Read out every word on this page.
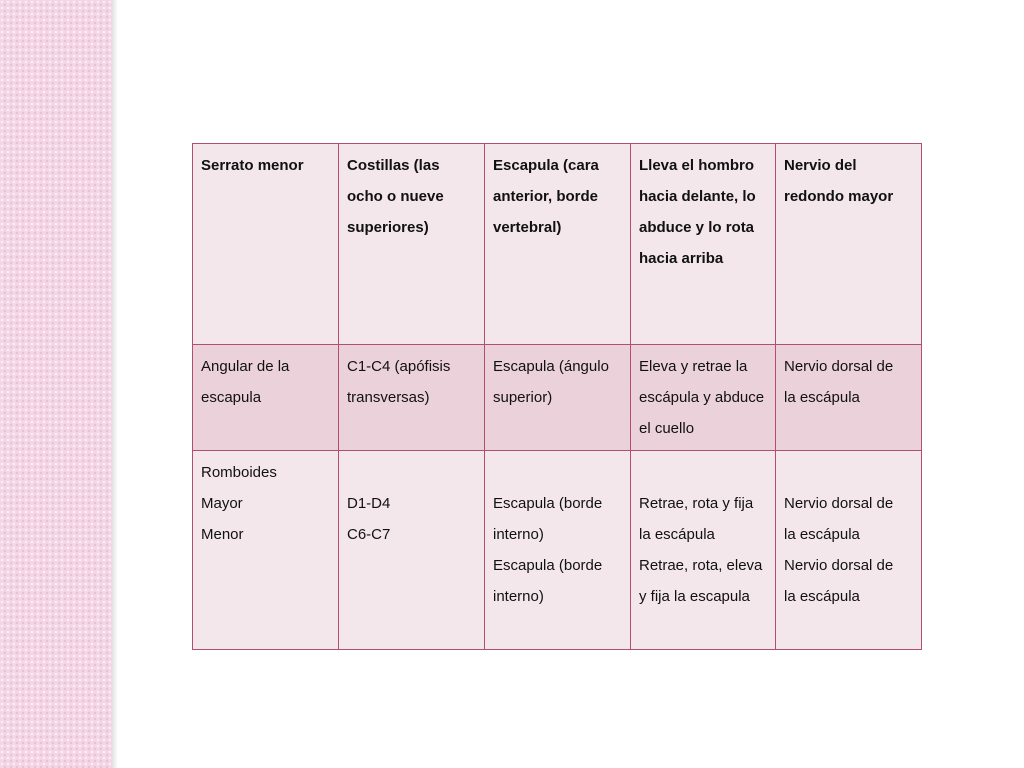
Serrato menor	Costillas (las
ocho o nueve
superiores)	Escapula (cara
anterior, borde
vertebral)	Lleva el hombro
hacia delante, lo
abduce y lo rota
hacia arriba	Nervio del
redondo mayor

Angular de la
escapula	C1-C4 (apófisis
transversas)	Escapula (ángulo
superior)	Eleva y retrae la
escápula y abduce
el cuello	Nervio dorsal de
la escápula

Romboides
Mayor
Menor	D1-D4
C6-C7	Escapula (borde
interno)
Escapula (borde
interno)	Retrae, rota y fija
la escápula
Retrae, rota, eleva
y fija la escapula	Nervio dorsal de
la escápula
Nervio dorsal de
la escápula
